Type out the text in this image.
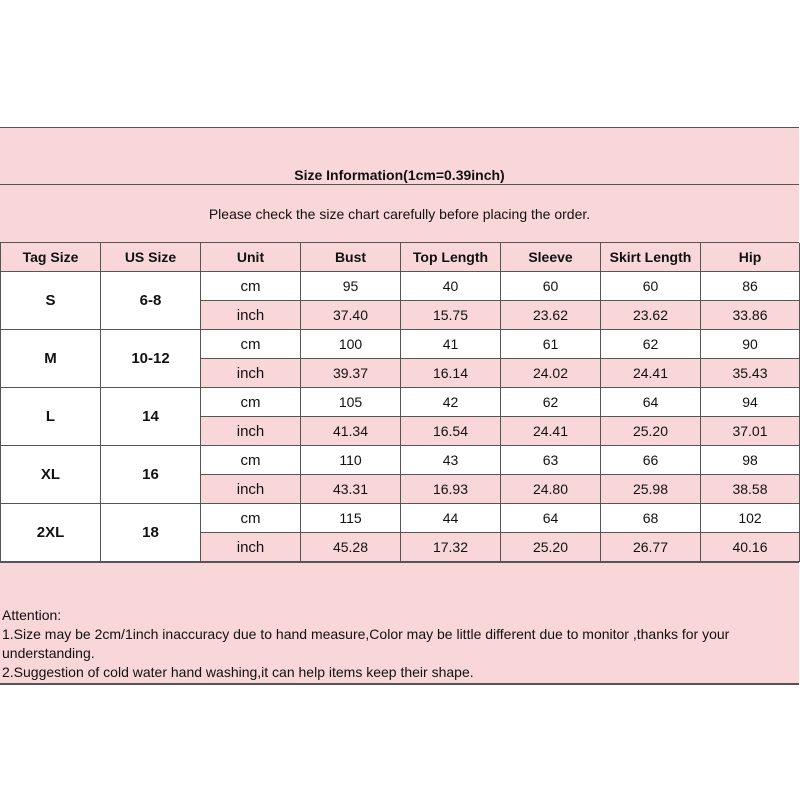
Size Information(1cm=0.39inch)
Please check the size chart carefully before placing the order.
Tag Size	US Size	Unit	Bust	Top Length	Sleeve	Skirt Length	Hip
S	6-8	cm	95	40	60	60	86
		inch	37.40	15.75	23.62	23.62	33.86
M	10-12	cm	100	41	61	62	90
		inch	39.37	16.14	24.02	24.41	35.43
L	14	cm	105	42	62	64	94
		inch	41.34	16.54	24.41	25.20	37.01
XL	16	cm	110	43	63	66	98
		inch	43.31	16.93	24.80	25.98	38.58
2XL	18	cm	115	44	64	68	102
		inch	45.28	17.32	25.20	26.77	40.16
Attention:
1.Size may be 2cm/1inch inaccuracy due to hand measure,Color may be little different due to monitor ,thanks for your understanding.
2.Suggestion of cold water hand washing,it can help items keep their shape.
